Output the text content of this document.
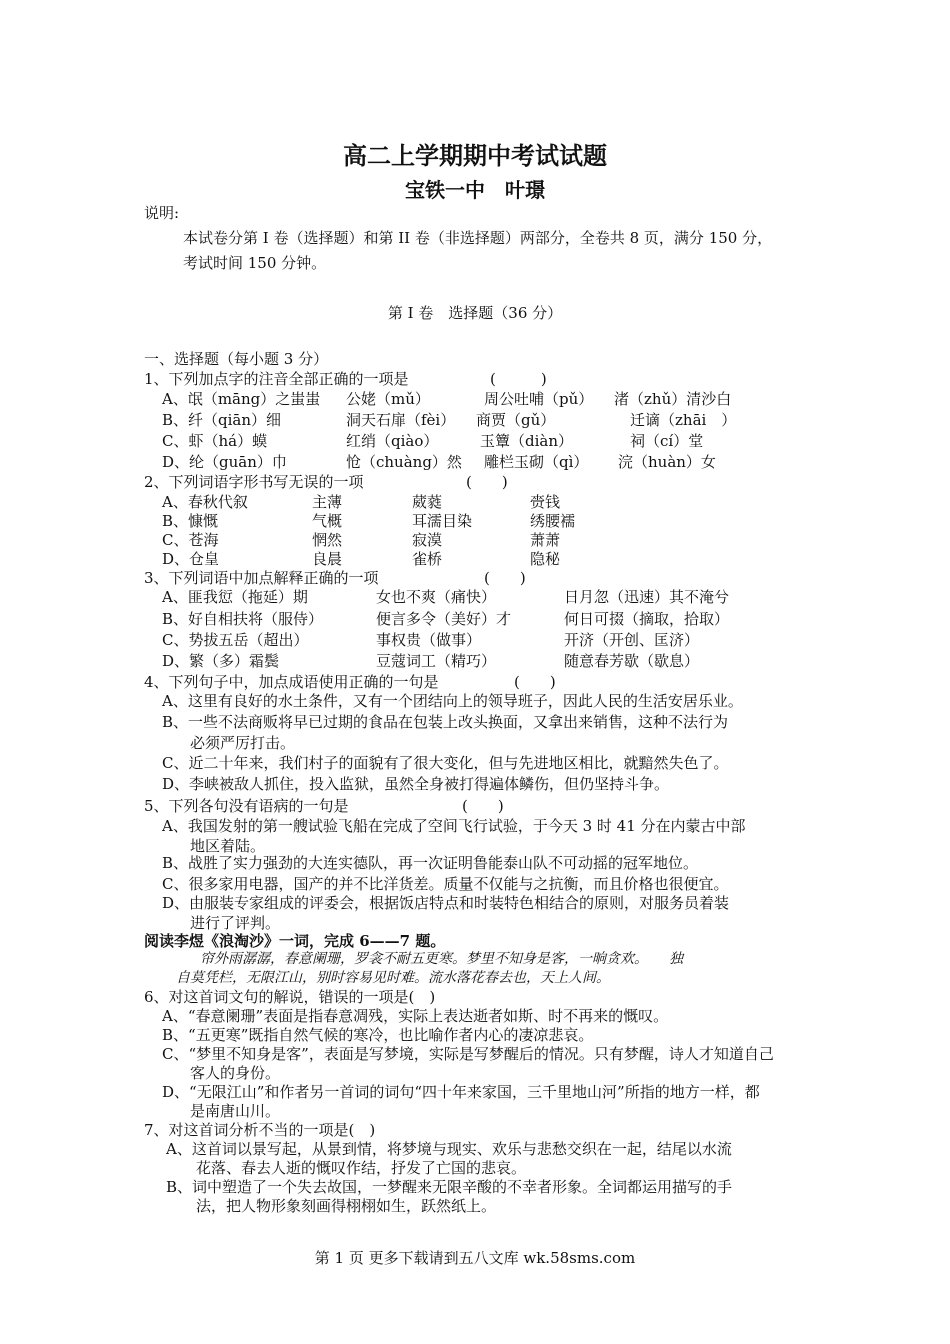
高二上学期期中考试试题
宝铁一中　叶璟
说明:
本试卷分第 I 卷（选择题）和第 II 卷（非选择题）两部分，全卷共 8 页，满分 150 分，
考试时间 150 分钟。
第 I 卷　选择题（36 分）
一、选择题（每小题 3 分）
1、下列加点字的注音全部正确的一项是	(　　　)
A、氓（māng）之蚩蚩 公姥（mǔ）	周公吐哺（pǔ） 渚（zhǔ）清沙白
B、纤（qiān）细	洞天石扉（fèi） 商贾（gǔ）	迁谪（zhāi　）
C、虾（há）蟆	红绡（qiào）	玉簟（diàn）	祠（cí）堂
D、纶（guān）巾	怆（chuàng）然 雕栏玉砌（qì） 浣（huàn）女
2、下列词语字形书写无误的一项	(　　)
A、春秋代叙	主薄	葳蕤	赍钱
B、慷慨	气概	耳濡目染	绣腰襦
C、苍海	惘然	寂漠	萧萧
D、仓皇	良晨	雀桥	隐秘
3、下列词语中加点解释正确的一项	(　　)
A、匪我愆（拖延）期	女也不爽（痛快）	日月忽（迅速）其不淹兮
B、好自相扶将（服侍）	便言多令（美好）才	何日可掇（摘取，拾取）
C、势拔五岳（超出）	事权贵（做事）	开济（开创、匡济）
D、繁（多）霜鬓	豆蔻词工（精巧）	随意春芳歇（歇息）
4、下列句子中，加点成语使用正确的一句是	(　　)
A、这里有良好的水土条件，又有一个团结向上的领导班子，因此人民的生活安居乐业。
B、一些不法商贩将早已过期的食品在包装上改头换面，又拿出来销售，这种不法行为
必须严厉打击。
C、近二十年来，我们村子的面貌有了很大变化，但与先进地区相比，就黯然失色了。
D、李峡被敌人抓住，投入监狱，虽然全身被打得遍体鳞伤，但仍坚持斗争。
5、下列各句没有语病的一句是	(　　)
A、我国发射的第一艘试验飞船在完成了空间飞行试验，于今天 3 时 41 分在内蒙古中部
地区着陆。
B、战胜了实力强劲的大连实德队，再一次证明鲁能泰山队不可动摇的冠军地位。
C、很多家用电器，国产的并不比洋货差。质量不仅能与之抗衡，而且价格也很便宜。
D、由服装专家组成的评委会，根据饭店特点和时装特色相结合的原则，对服务员着装
进行了评判。
阅读李煜《浪淘沙》一词，完成 6——7 题。
帘外雨潺潺，春意阑珊，罗衾不耐五更寒。梦里不知身是客，一晌贪欢。　　独
自莫凭栏，无限江山，别时容易见时难。流水落花春去也，天上人间。
6、对这首词文句的解说，错误的一项是(　)
A、“春意阑珊”表面是指春意凋残，实际上表达逝者如斯、时不再来的慨叹。
B、“五更寒”既指自然气候的寒冷，也比喻作者内心的凄凉悲哀。
C、“梦里不知身是客”，表面是写梦境，实际是写梦醒后的情况。只有梦醒，诗人才知道自己
客人的身份。
D、“无限江山”和作者另一首词的词句“四十年来家国，三千里地山河”所指的地方一样，都
是南唐山川。
7、对这首词分析不当的一项是(　)
A、这首词以景写起，从景到情，将梦境与现实、欢乐与悲愁交织在一起，结尾以水流
花落、春去人逝的慨叹作结，抒发了亡国的悲哀。
B、词中塑造了一个失去故国，一梦醒来无限辛酸的不幸者形象。全词都运用描写的手
法，把人物形象刻画得栩栩如生，跃然纸上。
第 1 页 更多下载请到五八文库 wk.58sms.com
